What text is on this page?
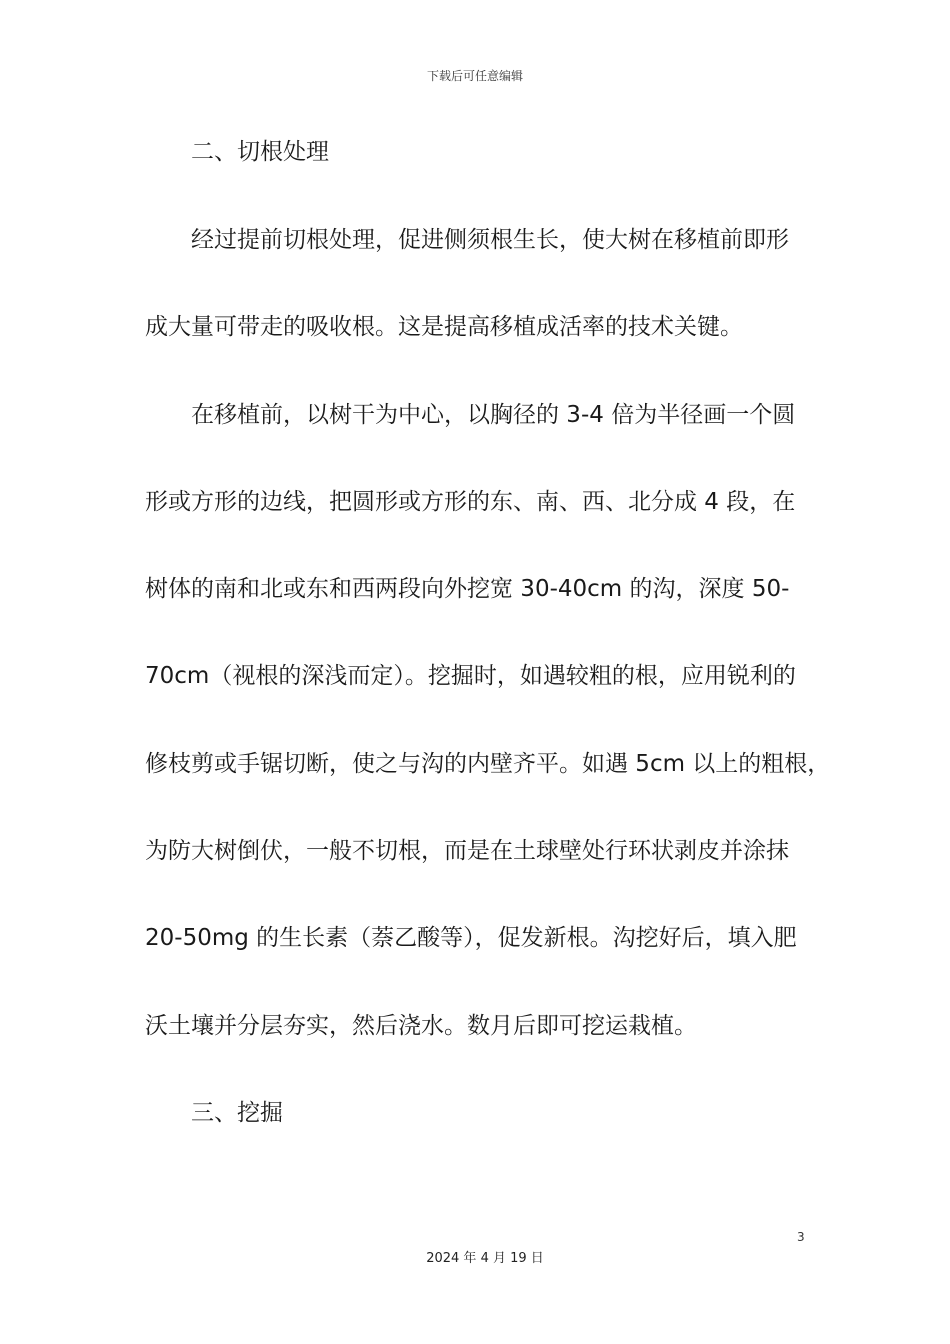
下载后可任意编辑
二、切根处理
经过提前切根处理，促进侧须根生长，使大树在移植前即形
成大量可带走的吸收根。这是提高移植成活率的技术关键。
在移植前，以树干为中心，以胸径的 3-4 倍为半径画一个圆
形或方形的边线，把圆形或方形的东、南、西、北分成 4 段，在
树体的南和北或东和西两段向外挖宽 30-40cm 的沟，深度 50-
70cm（视根的深浅而定）。挖掘时，如遇较粗的根，应用锐利的
修枝剪或手锯切断，使之与沟的内壁齐平。如遇 5cm 以上的粗根，
为防大树倒伏，一般不切根，而是在土球壁处行环状剥皮并涂抹
20-50mg 的生长素（萘乙酸等），促发新根。沟挖好后，填入肥
沃土壤并分层夯实，然后浇水。数月后即可挖运栽植。
三、挖掘
3
2024 年 4 月 19 日
